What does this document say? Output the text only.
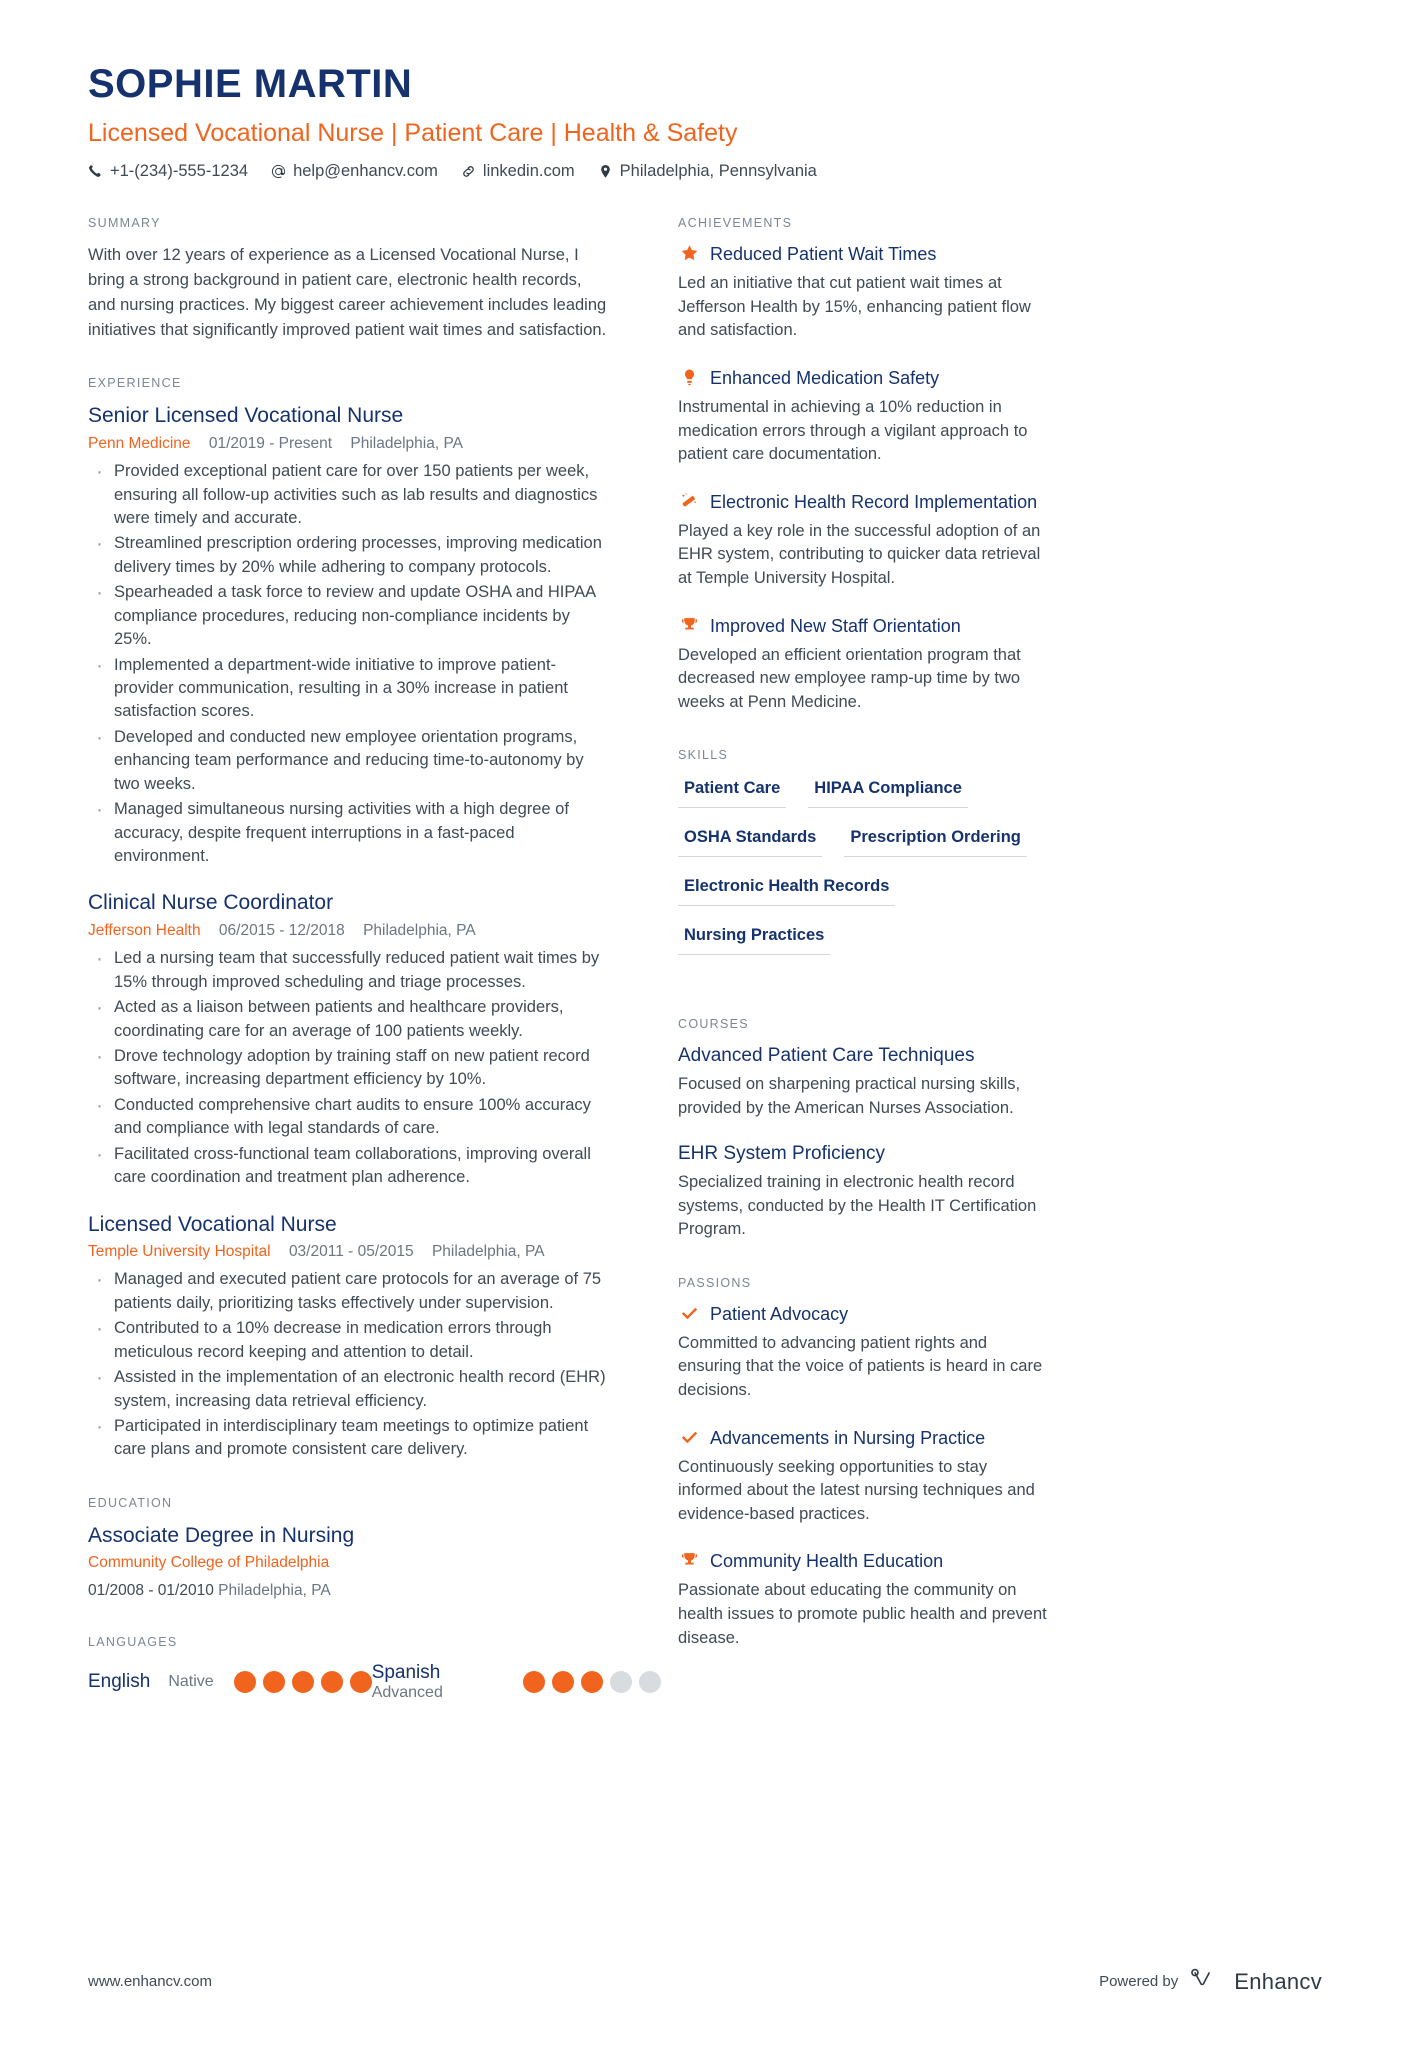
SOPHIE MARTIN
Licensed Vocational Nurse | Patient Care | Health & Safety
+1-(234)-555-1234	help@enhancv.com	linkedin.com	Philadelphia, Pennsylvania
SUMMARY
With over 12 years of experience as a Licensed Vocational Nurse, I bring a strong background in patient care, electronic health records, and nursing practices. My biggest career achievement includes leading initiatives that significantly improved patient wait times and satisfaction.
EXPERIENCE
Senior Licensed Vocational Nurse
Penn Medicine 01/2019 - Present Philadelphia, PA
· Provided exceptional patient care for over 150 patients per week, ensuring all follow-up activities such as lab results and diagnostics were timely and accurate.
· Streamlined prescription ordering processes, improving medication delivery times by 20% while adhering to company protocols.
· Spearheaded a task force to review and update OSHA and HIPAA compliance procedures, reducing non-compliance incidents by 25%.
· Implemented a department-wide initiative to improve patient-provider communication, resulting in a 30% increase in patient satisfaction scores.
· Developed and conducted new employee orientation programs, enhancing team performance and reducing time-to-autonomy by two weeks.
· Managed simultaneous nursing activities with a high degree of accuracy, despite frequent interruptions in a fast-paced environment.
Clinical Nurse Coordinator
Jefferson Health 06/2015 - 12/2018 Philadelphia, PA
· Led a nursing team that successfully reduced patient wait times by 15% through improved scheduling and triage processes.
· Acted as a liaison between patients and healthcare providers, coordinating care for an average of 100 patients weekly.
· Drove technology adoption by training staff on new patient record software, increasing department efficiency by 10%.
· Conducted comprehensive chart audits to ensure 100% accuracy and compliance with legal standards of care.
· Facilitated cross-functional team collaborations, improving overall care coordination and treatment plan adherence.
Licensed Vocational Nurse
Temple University Hospital 03/2011 - 05/2015 Philadelphia, PA
· Managed and executed patient care protocols for an average of 75 patients daily, prioritizing tasks effectively under supervision.
· Contributed to a 10% decrease in medication errors through meticulous record keeping and attention to detail.
· Assisted in the implementation of an electronic health record (EHR) system, increasing data retrieval efficiency.
· Participated in interdisciplinary team meetings to optimize patient care plans and promote consistent care delivery.
EDUCATION
Associate Degree in Nursing
Community College of Philadelphia
01/2008 - 01/2010 Philadelphia, PA
LANGUAGES
English Native	Spanish
Advanced
ACHIEVEMENTS
Reduced Patient Wait Times
Led an initiative that cut patient wait times at Jefferson Health by 15%, enhancing patient flow and satisfaction.
Enhanced Medication Safety
Instrumental in achieving a 10% reduction in medication errors through a vigilant approach to patient care documentation.
Electronic Health Record Implementation
Played a key role in the successful adoption of an EHR system, contributing to quicker data retrieval at Temple University Hospital.
Improved New Staff Orientation
Developed an efficient orientation program that decreased new employee ramp-up time by two weeks at Penn Medicine.
SKILLS
Patient Care	HIPAA Compliance
OSHA Standards	Prescription Ordering
Electronic Health Records
Nursing Practices
COURSES
Advanced Patient Care Techniques
Focused on sharpening practical nursing skills, provided by the American Nurses Association.
EHR System Proficiency
Specialized training in electronic health record systems, conducted by the Health IT Certification Program.
PASSIONS
Patient Advocacy
Committed to advancing patient rights and ensuring that the voice of patients is heard in care decisions.
Advancements in Nursing Practice
Continuously seeking opportunities to stay informed about the latest nursing techniques and evidence-based practices.
Community Health Education
Passionate about educating the community on health issues to promote public health and prevent disease.
www.enhancv.com	Powered by	Enhancv
